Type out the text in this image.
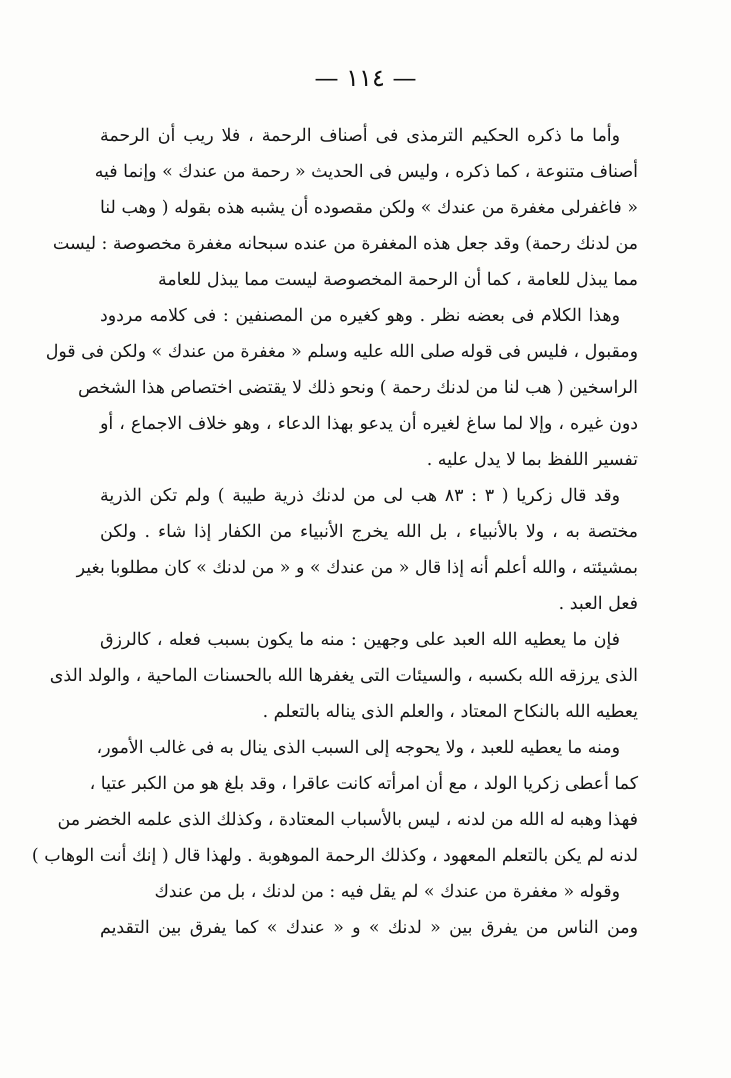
— ١١٤ —
وأما ما ذكره الحكيم الترمذى فى أصناف الرحمة ، فلا ريب أن الرحمة
أصناف متنوعة ، كما ذكره ، وليس فى الحديث « رحمة من عندك » وإنما فيه
« فاغفرلى مغفرة من عندك » ولكن مقصوده أن يشبه هذه بقوله ( وهب لنا
من لدنك رحمة) وقد جعل هذه المغفرة من عنده سبحانه مغفرة مخصوصة : ليست
مما يبذل للعامة ، كما أن الرحمة المخصوصة ليست مما يبذل للعامة
وهذا الكلام فى بعضه نظر . وهو كغيره من المصنفين : فى كلامه مردود
ومقبول ، فليس فى قوله صلى الله عليه وسلم « مغفرة من عندك » ولكن فى قول
الراسخين ( هب لنا من لدنك رحمة ) ونحو ذلك لا يقتضى اختصاص هذا الشخص
دون غيره ، وإلا لما ساغ لغيره أن يدعو بهذا الدعاء ، وهو خلاف الاجماع ، أو
تفسير اللفظ بما لا يدل عليه .
وقد قال زكريا ( ٣ : ٨٣ هب لى من لدنك ذرية طيبة ) ولم تكن الذرية
مختصة به ، ولا بالأنبياء ، بل الله يخرج الأنبياء من الكفار إذا شاء . ولكن
بمشيئته ، والله أعلم أنه إذا قال « من عندك » و « من لدنك » كان مطلوبا بغير
فعل العبد .
فإن ما يعطيه الله العبد على وجهين : منه ما يكون بسبب فعله ، كالرزق
الذى يرزقه الله بكسبه ، والسيئات التى يغفرها الله بالحسنات الماحية ، والولد الذى
يعطيه الله بالنكاح المعتاد ، والعلم الذى يناله بالتعلم .
ومنه ما يعطيه للعبد ، ولا يحوجه إلى السبب الذى ينال به فى غالب الأمور،
كما أعطى زكريا الولد ، مع أن امرأته كانت عاقرا ، وقد بلغ هو من الكبر عتيا ،
فهذا وهبه له الله من لدنه ، ليس بالأسباب المعتادة ، وكذلك الذى علمه الخضر من
لدنه لم يكن بالتعلم المعهود ، وكذلك الرحمة الموهوبة . ولهذا قال ( إنك أنت الوهاب )
وقوله « مغفرة من عندك » لم يقل فيه : من لدنك ، بل من عندك
ومن الناس من يفرق بين « لدنك » و « عندك » كما يفرق بين التقديم
